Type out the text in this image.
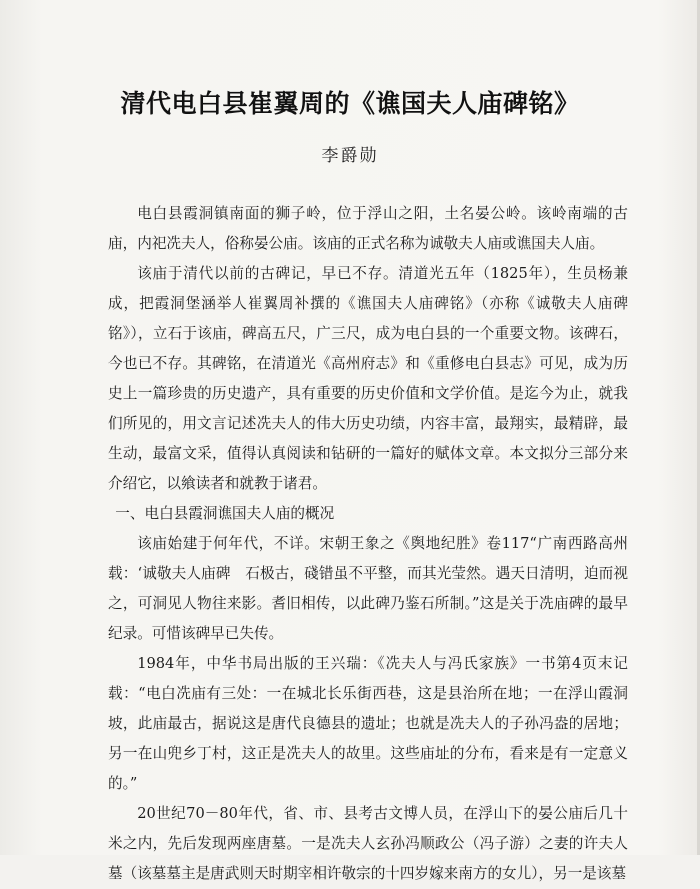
清代电白县崔翼周的《谯国夫人庙碑铭》
李爵勋

电白县霞洞镇南面的狮子岭，位于浮山之阳，土名晏公岭。该岭南端的古庙，内祀冼夫人，俗称晏公庙。该庙的正式名称为诚敬夫人庙或谯国夫人庙。

该庙于清代以前的古碑记，早已不存。清道光五年（1825年），生员杨兼成，把霞洞堡涵举人崔翼周补撰的《谯国夫人庙碑铭》（亦称《诚敬夫人庙碑铭》），立石于该庙，碑高五尺，广三尺，成为电白县的一个重要文物。该碑石，今也已不存。其碑铭，在清道光《高州府志》和《重修电白县志》可见，成为历史上一篇珍贵的历史遗产，具有重要的历史价值和文学价值。是迄今为止，就我们所见的，用文言记述冼夫人的伟大历史功绩，内容丰富，最翔实，最精辟，最生动，最富文采，值得认真阅读和钻研的一篇好的赋体文章。本文拟分三部分来介绍它，以飨读者和就教于诸君。

一、电白县霞洞谯国夫人庙的概况

该庙始建于何年代，不详。宋朝王象之《舆地纪胜》卷117“广南西路高州载：‘诚敬夫人庙碑　石极古，碊错虽不平整，而其光莹然。遇天日清明，迫而视之，可洞见人物往来影。耆旧相传，以此碑乃鉴石所制。”这是关于冼庙碑的最早纪录。可惜该碑早已失传。

1984年，中华书局出版的王兴瑞：《冼夫人与冯氏家族》一书第4页末记载：“电白冼庙有三处：一在城北长乐街西巷，这是县治所在地；一在浮山霞洞坡，此庙最古，据说这是唐代良德县的遗址；也就是冼夫人的子孙冯盎的居地；另一在山兜乡丁村，这正是冼夫人的故里。这些庙址的分布，看来是有一定意义的。”

20世纪70－80年代，省、市、县考古文博人员，在浮山下的晏公庙后几十米之内，先后发现两座唐墓。一是冼夫人玄孙冯顺政公（冯子游）之妻的许夫人墓（该墓墓主是唐武则天时期宰相许敬宗的十四岁嫁来南方的女儿），另一是该墓
